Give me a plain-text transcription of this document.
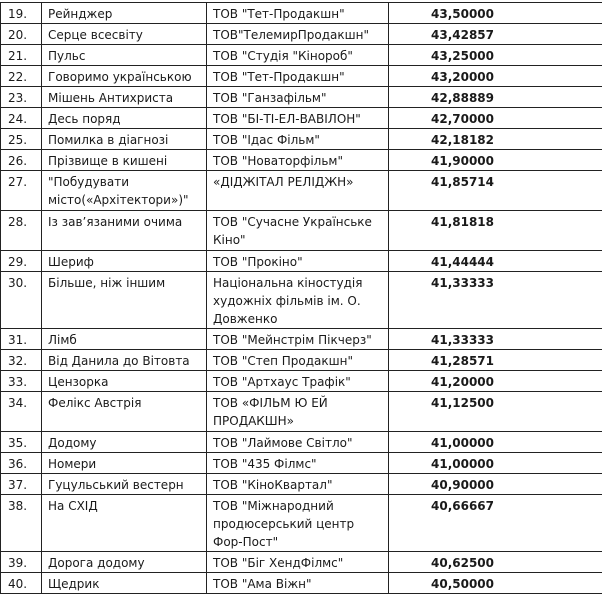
19.	Рейнджер	ТОВ "Тет-Продакшн"	43,50000
20.	Серце всесвіту	ТОВ"ТелемирПродакшн"	43,42857
21.	Пульс	ТОВ "Студія "Кінороб"	43,25000
22.	Говоримо українською	ТОВ "Тет-Продакшн"	43,20000
23.	Мішень Антихриста	ТОВ "Ганзафільм"	42,88889
24.	Десь поряд	ТОВ "БІ-ТІ-ЕЛ-ВАВІЛОН"	42,70000
25.	Помилка в діагнозі	ТОВ "Ідас Фільм"	42,18182
26.	Прізвище в кишені	ТОВ "Новаторфільм"	41,90000
27.	"Побудувати місто(«Архітектори»)"	«ДІДЖІТАЛ РЕЛІДЖН»	41,85714
28.	Із зав’язаними очима	ТОВ "Сучасне Українське Кіно"	41,81818
29.	Шериф	ТОВ "Прокіно"	41,44444
30.	Більше, ніж іншим	Національна кіностудія художніх фільмів ім. О. Довженко	41,33333
31.	Лімб	ТОВ "Мейнстрім Пікчерз"	41,33333
32.	Від Данила до Вітовта	ТОВ "Степ Продакшн"	41,28571
33.	Цензорка	ТОВ "Артхаус Трафік"	41,20000
34.	Фелікс Австрія	ТОВ «ФІЛЬМ Ю ЕЙ ПРОДАКШН»	41,12500
35.	Додому	ТОВ "Лаймове Світло"	41,00000
36.	Номери	ТОВ "435 Філмс"	41,00000
37.	Гуцульський вестерн	ТОВ "КіноКвартал"	40,90000
38.	На СХІД	ТОВ "Міжнародний продюсерський центр Фор-Пост"	40,66667
39.	Дорога додому	ТОВ "Біг ХендФілмс"	40,62500
40.	Щедрик	ТОВ "Ама Віжн"	40,50000
